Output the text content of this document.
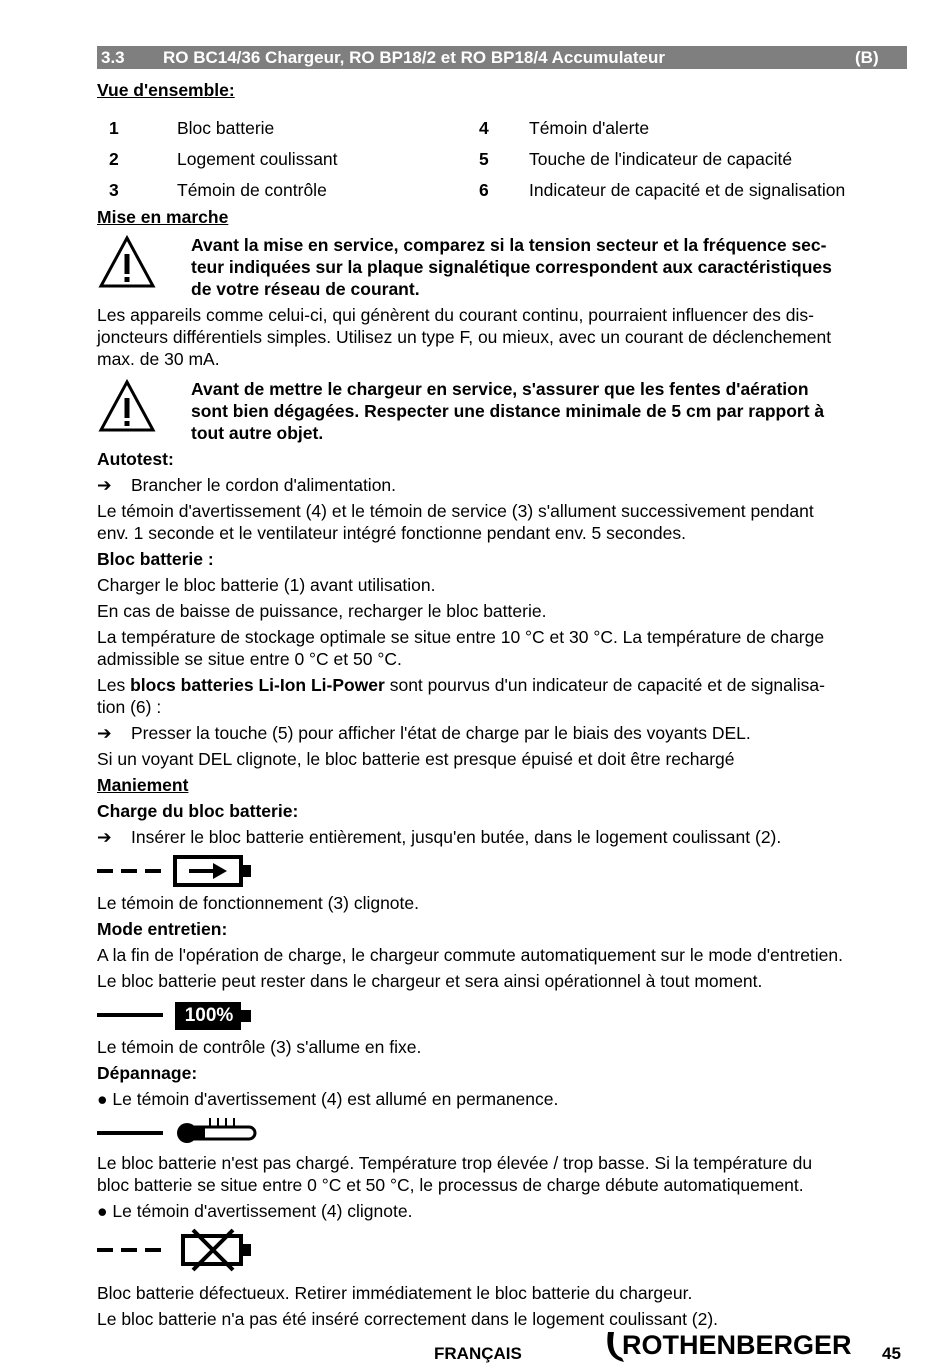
3.3	RO BC14/36 Chargeur, RO BP18/2 et RO BP18/4 Accumulateur	(B)

Vue d'ensemble:

1	Bloc batterie	4	Témoin d'alerte
2	Logement coulissant	5	Touche de l'indicateur de capacité
3	Témoin de contrôle	6	Indicateur de capacité et de signalisation

Mise en marche

Avant la mise en service, comparez si la tension secteur et la fréquence sec-
teur indiquées sur la plaque signalétique correspondent aux caractéristiques
de votre réseau de courant.

Les appareils comme celui-ci, qui génèrent du courant continu, pourraient influencer des dis-
joncteurs différentiels simples. Utilisez un type F, ou mieux, avec un courant de déclenchement
max. de 30 mA.

Avant de mettre le chargeur en service, s'assurer que les fentes d'aération
sont bien dégagées. Respecter une distance minimale de 5 cm par rapport à
tout autre objet.

Autotest:

➔	Brancher le cordon d'alimentation.

Le témoin d'avertissement (4) et le témoin de service (3) s'allument successivement pendant
env. 1 seconde et le ventilateur intégré fonctionne pendant env. 5 secondes.

Bloc batterie :

Charger le bloc batterie (1) avant utilisation.

En cas de baisse de puissance, recharger le bloc batterie.

La température de stockage optimale se situe entre 10 °C et 30 °C. La température de charge
admissible se situe entre 0 °C et 50 °C.

Les blocs batteries Li-Ion Li-Power sont pourvus d'un indicateur de capacité et de signalisa-
tion (6) :

➔	Presser la touche (5) pour afficher l'état de charge par le biais des voyants DEL.

Si un voyant DEL clignote, le bloc batterie est presque épuisé et doit être rechargé

Maniement

Charge du bloc batterie:

➔	Insérer le bloc batterie entièrement, jusqu'en butée, dans le logement coulissant (2).

Le témoin de fonctionnement (3) clignote.

Mode entretien:

A la fin de l'opération de charge, le chargeur commute automatiquement sur le mode d'entretien.

Le bloc batterie peut rester dans le chargeur et sera ainsi opérationnel à tout moment.

100%

Le témoin de contrôle (3) s'allume en fixe.

Dépannage:

● Le témoin d'avertissement (4) est allumé en permanence.

Le bloc batterie n'est pas chargé. Température trop élevée / trop basse. Si la température du
bloc batterie se situe entre 0 °C et 50 °C, le processus de charge débute automatiquement.

● Le témoin d'avertissement (4) clignote.

Bloc batterie défectueux. Retirer immédiatement le bloc batterie du chargeur.

Le bloc batterie n'a pas été inséré correctement dans le logement coulissant (2).

FRANÇAIS	ROTHENBERGER 45
